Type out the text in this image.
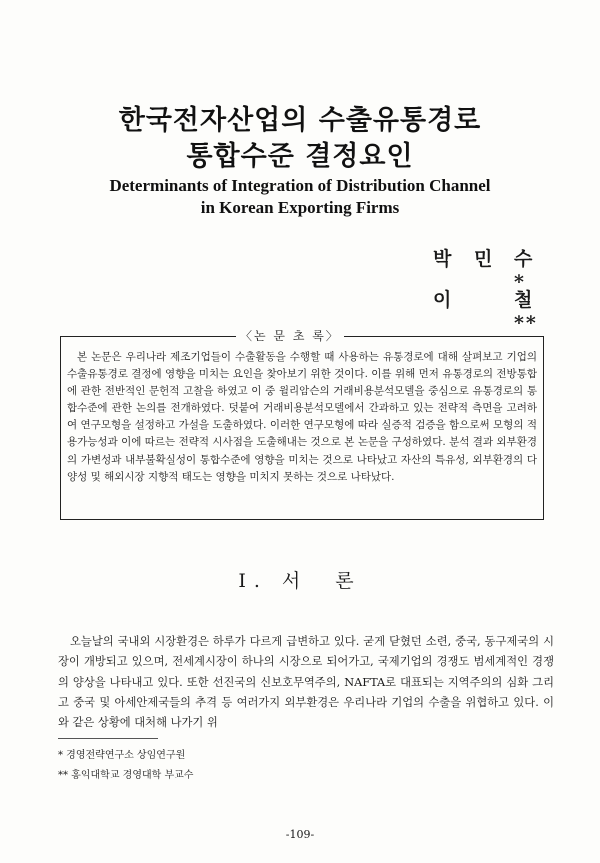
한국전자산업의 수출유통경로
통합수준 결정요인
Determinants of Integration of Distribution Channel
in Korean Exporting Firms
박 민 수*
이	철**
〈논 문 초 록〉
본 논문은 우리나라 제조기업들이 수출활동을 수행할 때 사용하는 유통경로에 대해 살펴보고 기업의 수출유통경로 결정에 영향을 미치는 요인을 찾아보기 위한 것이다. 이를 위해 먼저 유통경로의 전방통합에 관한 전반적인 문헌적 고찰을 하였고 이 중 윌리암슨의 거래비용분석모델을 중심으로 유통경로의 통합수준에 관한 논의를 전개하였다. 덧붙여 거래비용분석모델에서 간과하고 있는 전략적 측면을 고려하여 연구모형을 설정하고 가설을 도출하였다. 이러한 연구모형에 따라 실증적 검증을 함으로써 모형의 적용가능성과 이에 따르는 전략적 시사점을 도출해내는 것으로 본 논문을 구성하였다. 분석 결과 외부환경의 가변성과 내부불확실성이 통합수준에 영향을 미치는 것으로 나타났고 자산의 특유성, 외부환경의 다양성 및 해외시장 지향적 태도는 영향을 미치지 못하는 것으로 나타났다.
I. 서　론
오늘날의 국내외 시장환경은 하루가 다르게 급변하고 있다. 굳게 닫혔던 소련, 중국, 동구제국의 시장이 개방되고 있으며, 전세계시장이 하나의 시장으로 되어가고, 국제기업의 경쟁도 범세계적인 경쟁의 양상을 나타내고 있다. 또한 선진국의 신보호무역주의, NAFTA로 대표되는 지역주의의 심화 그리고 중국 및 아세안제국들의 추격 등 여러가지 외부환경은 우리나라 기업의 수출을 위협하고 있다. 이와 같은 상황에 대처해 나가기 위
* 경영전략연구소 상임연구원
** 홍익대학교 경영대학 부교수
-109-
